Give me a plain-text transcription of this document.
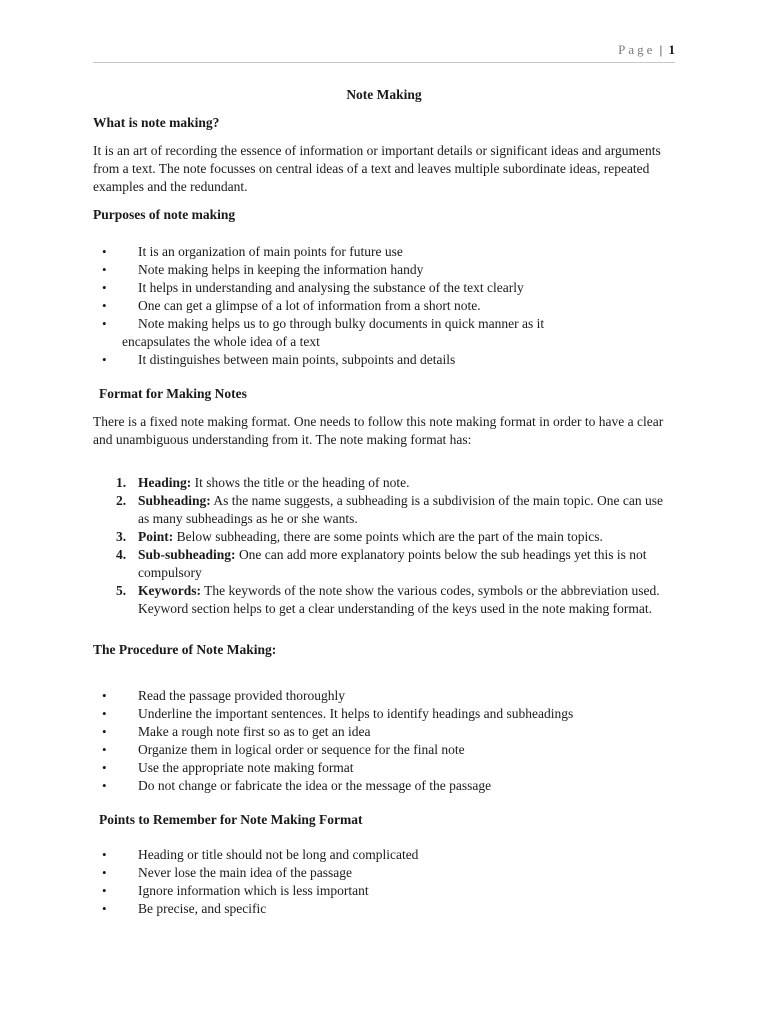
Page | 1
Note Making
What is note making?

It is an art of recording the essence of information or important details or significant ideas and arguments from a text. The note focusses on central ideas of a text and leaves multiple subordinate ideas, repeated examples and the redundant.

Purposes of note making
• It is an organization of main points for future use
• Note making helps in keeping the information handy
• It helps in understanding and analysing the substance of the text clearly
• One can get a glimpse of a lot of information from a short note.
• Note making helps us to go through bulky documents in quick manner as it
encapsulates the whole idea of a text
• It distinguishes between main points, subpoints and details
Format for Making Notes

There is a fixed note making format. One needs to follow this note making format in order to have a clear and unambiguous understanding from it. The note making format has:

1. Heading: It shows the title or the heading of note.
2. Subheading: As the name suggests, a subheading is a subdivision of the main topic. One can use as many subheadings as he or she wants.
3. Point: Below subheading, there are some points which are the part of the main topics.
4. Sub-subheading: One can add more explanatory points below the sub headings yet this is not compulsory
5. Keywords: The keywords of the note show the various codes, symbols or the abbreviation used. Keyword section helps to get a clear understanding of the keys used in the note making format.
The Procedure of Note Making:
• Read the passage provided thoroughly
• Underline the important sentences. It helps to identify headings and subheadings
• Make a rough note first so as to get an idea
• Organize them in logical order or sequence for the final note
• Use the appropriate note making format
• Do not change or fabricate the idea or the message of the passage
Points to Remember for Note Making Format
• Heading or title should not be long and complicated
• Never lose the main idea of the passage
• Ignore information which is less important
• Be precise, and specific
